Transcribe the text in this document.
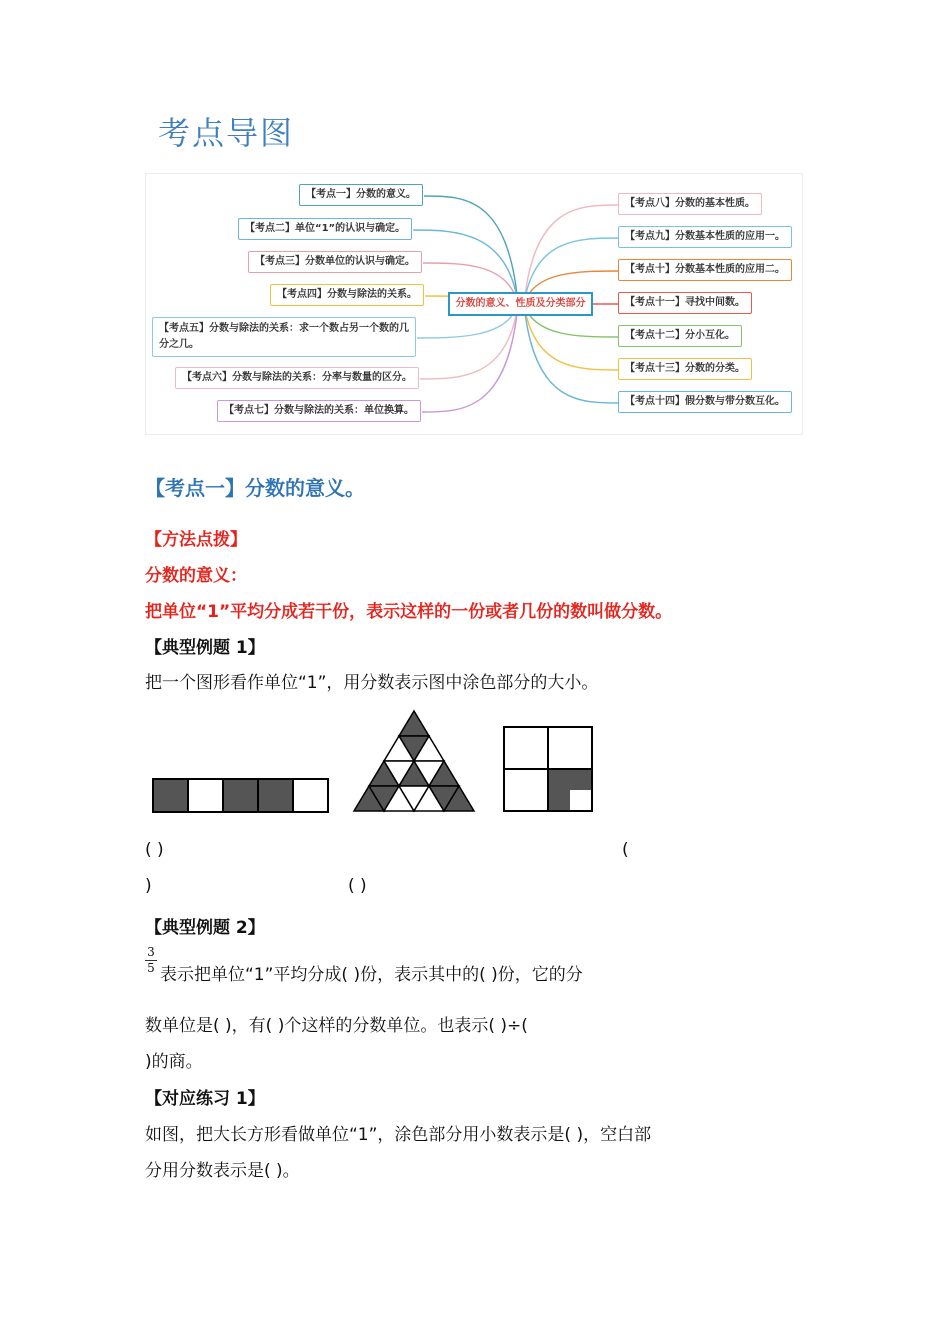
考点导图
分数的意义、性质及分类部分
【考点一】分数的意义。
【考点二】单位“1”的认识与确定。
【考点三】分数单位的认识与确定。
【考点四】分数与除法的关系。
【考点五】分数与除法的关系：求一个数占另一个数的几
分之几。
【考点六】分数与除法的关系：分率与数量的区分。
【考点七】分数与除法的关系：单位换算。
【考点八】分数的基本性质。
【考点九】分数基本性质的应用一。
【考点十】分数基本性质的应用二。
【考点十一】寻找中间数。
【考点十二】分小互化。
【考点十三】分数的分类。
【考点十四】假分数与带分数互化。
【考点一】分数的意义。
【方法点拨】
分数的意义：
把单位“1”平均分成若干份，表示这样的一份或者几份的数叫做分数。
【典型例题 1】
把一个图形看作单位“1”，用分数表示图中涂色部分的大小。
( )	(
)	( )
【典型例题 2】
3
5 表示把单位“1”平均分成( )份，表示其中的( )份，它的分
数单位是( )，有( )个这样的分数单位。也表示( )÷(
)的商。
【对应练习 1】
如图，把大长方形看做单位“1”，涂色部分用小数表示是( )，空白部
分用分数表示是( )。
